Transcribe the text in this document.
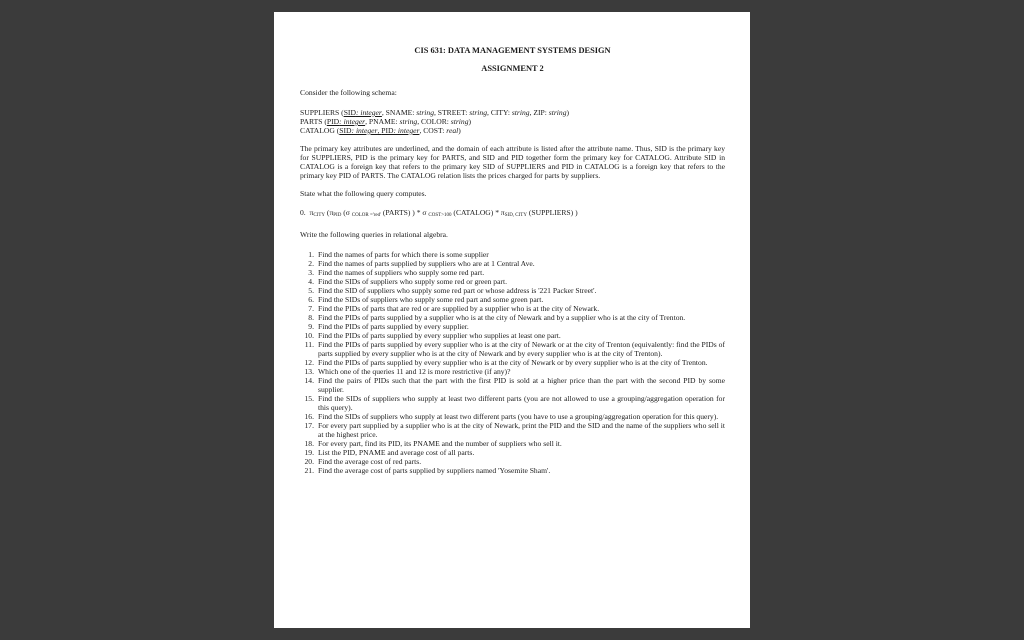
CIS 631: DATA MANAGEMENT SYSTEMS DESIGN
ASSIGNMENT 2

Consider the following schema:

SUPPLIERS (SID: integer, SNAME: string, STREET: string, CITY: string, ZIP: string)
PARTS (PID: integer, PNAME: string, COLOR: string)
CATALOG (SID: integer, PID: integer, COST: real)

The primary key attributes are underlined, and the domain of each attribute is listed after the attribute name. Thus, SID is the primary key for SUPPLIERS, PID is the primary key for PARTS, and SID and PID together form the primary key for CATALOG. Attribute SID in CATALOG is a foreign key that refers to the primary key SID of SUPPLIERS and PID in CATALOG is a foreign key that refers to the primary key PID of PARTS. The CATALOG relation lists the prices charged for parts by suppliers.

State what the following query computes.

0. $\pi_{CITY}$ ($\pi_{PID}$ (σ $_{COLOR ='red'}$ (PARTS) ) * σ $_{COST>100}$ (CATALOG) * $\pi_{SID, CITY}$ (SUPPLIERS) )

Write the following queries in relational algebra.

1. Find the names of parts for which there is some supplier
2. Find the names of parts supplied by suppliers who are at 1 Central Ave.
3. Find the names of suppliers who supply some red part.
4. Find the SIDs of suppliers who supply some red or green part.
5. Find the SID of suppliers who supply some red part or whose address is '221 Packer Street'.
6. Find the SIDs of suppliers who supply some red part and some green part.
7. Find the PIDs of parts that are red or are supplied by a supplier who is at the city of Newark.
8. Find the PIDs of parts supplied by a supplier who is at the city of Newark and by a supplier who is at the city of Trenton.
9. Find the PIDs of parts supplied by every supplier.
10. Find the PIDs of parts supplied by every supplier who supplies at least one part.
11. Find the PIDs of parts supplied by every supplier who is at the city of Newark or at the city of Trenton (equivalently: find the PIDs of parts supplied by every supplier who is at the city of Newark and by every supplier who is at the city of Trenton).
12. Find the PIDs of parts supplied by every supplier who is at the city of Newark or by every supplier who is at the city of Trenton.
13. Which one of the queries 11 and 12 is more restrictive (if any)?
14. Find the pairs of PIDs such that the part with the first PID is sold at a higher price than the part with the second PID by some supplier.
15. Find the SIDs of suppliers who supply at least two different parts (you are not allowed to use a grouping/aggregation operation for this query).
16. Find the SIDs of suppliers who supply at least two different parts (you have to use a grouping/aggregation operation for this query).
17. For every part supplied by a supplier who is at the city of Newark, print the PID and the SID and the name of the suppliers who sell it at the highest price.
18. For every part, find its PID, its PNAME and the number of suppliers who sell it.
19. List the PID, PNAME and average cost of all parts.
20. Find the average cost of red parts.
21. Find the average cost of parts supplied by suppliers named 'Yosemite Sham'.
